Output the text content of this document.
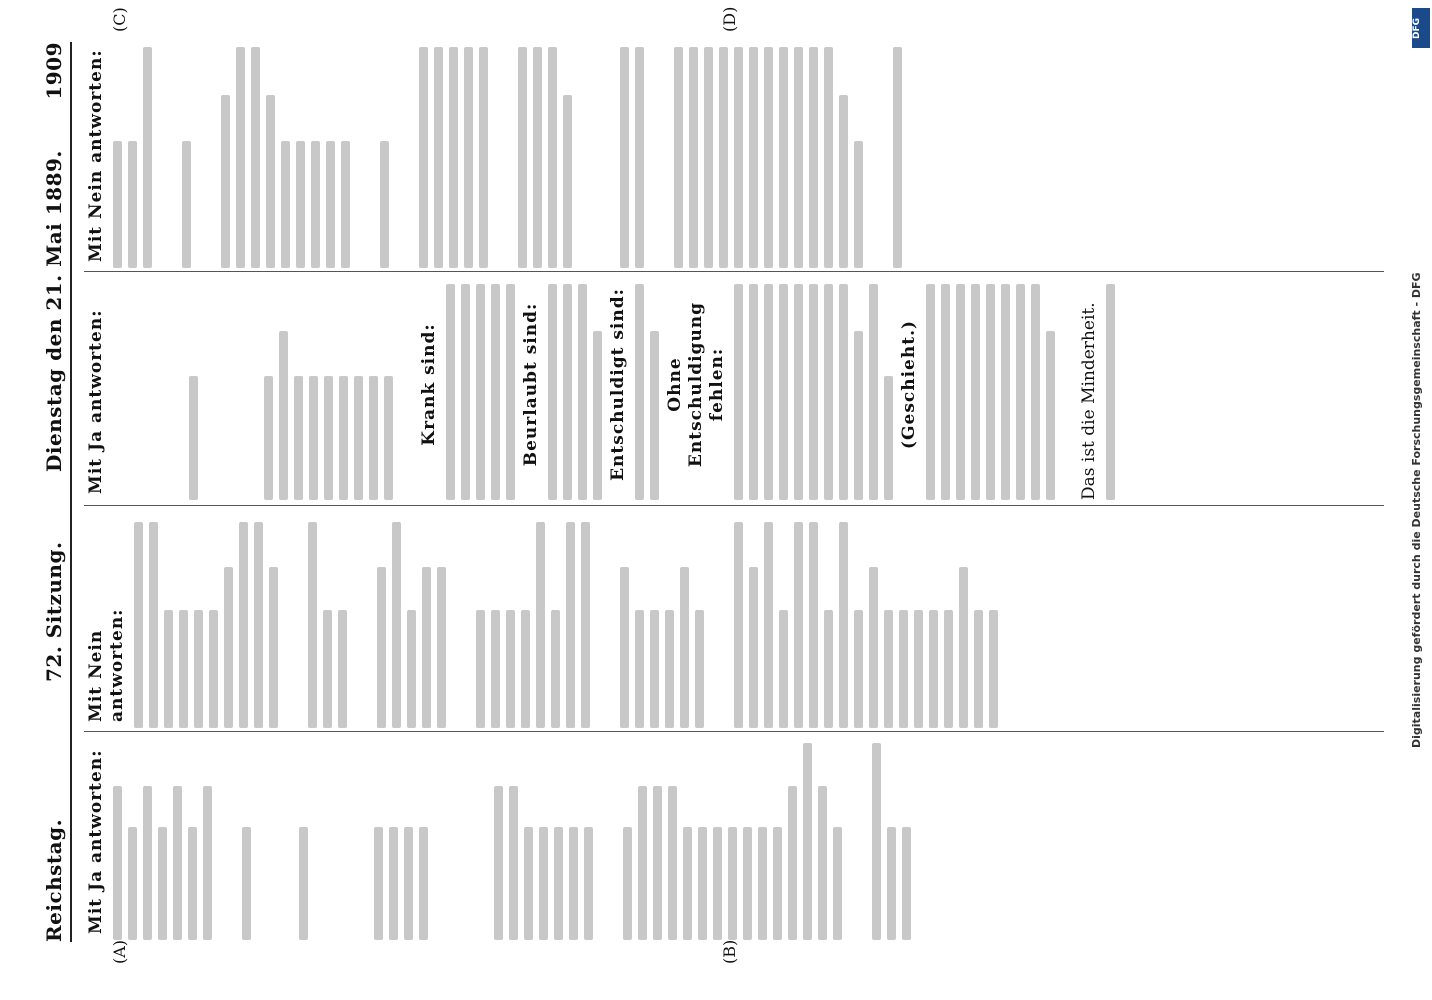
Reichstag.
72. Sitzung.
Dienstag den 21. Mai 1889.
1909
(A)	(B)
(C)	(D)
Mit Ja antworten:
Mit Nein antworten:
Mit Ja antworten:	Krank sind:	Beurlaubt sind:	Entschuldigt sind: Ohne Entschuldigung fehlen:	(Geschieht.)	Das ist die Minderheit.

Mit Nein antworten:
DFG
Digitalisierung gefördert durch die Deutsche Forschungsgemeinschaft - DFG
